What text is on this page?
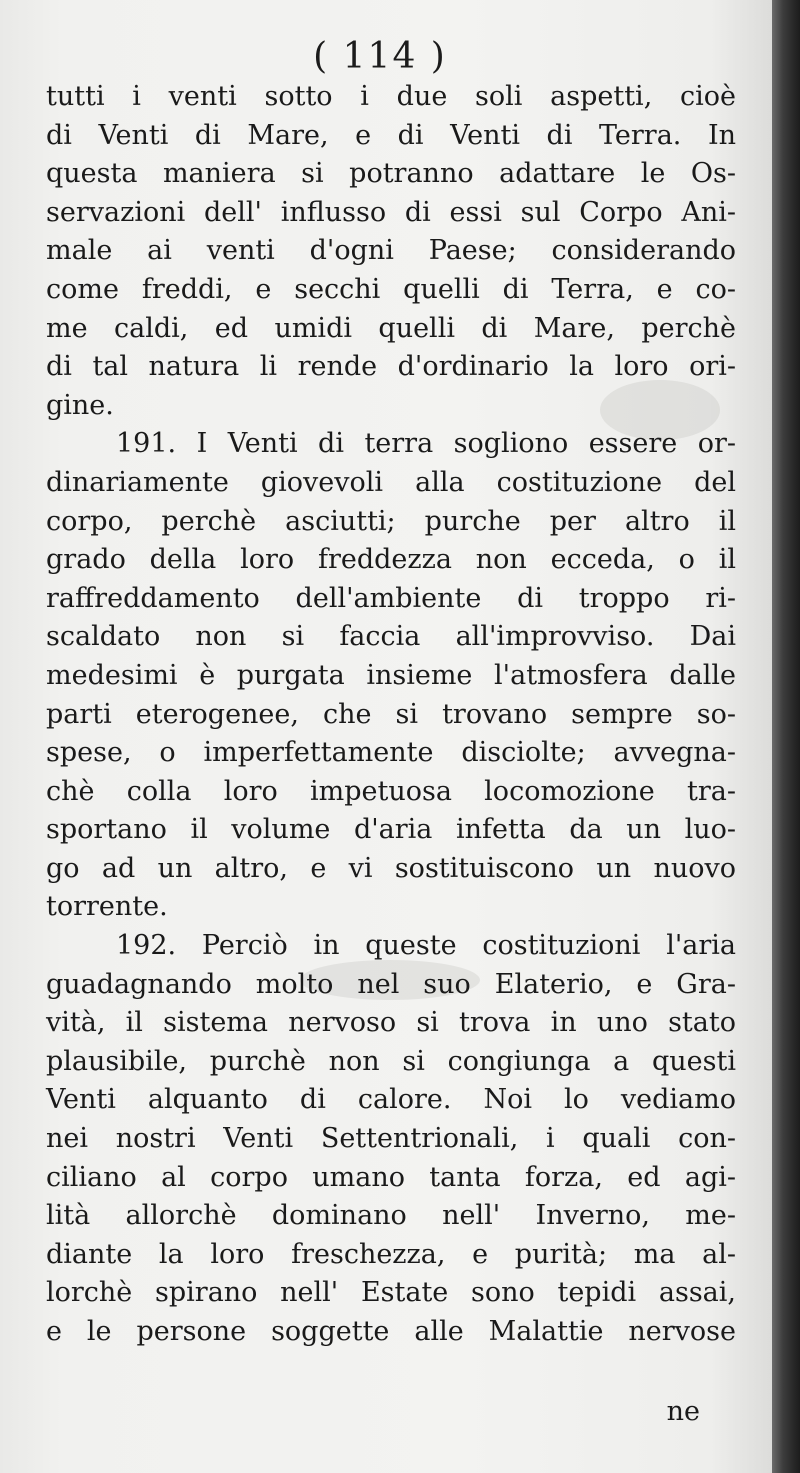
( 114 )
tutti i venti sotto i due soli aspetti, cioè
di Venti di Mare, e di Venti di Terra. In
questa maniera si potranno adattare le Os-
servazioni dell' influsso di essi sul Corpo Ani-
male ai venti d'ogni Paese; considerando
come freddi, e secchi quelli di Terra, e co-
me caldi, ed umidi quelli di Mare, perchè
di tal natura li rende d'ordinario la loro ori-
gine.
191. I Venti di terra sogliono essere or-
dinariamente giovevoli alla costituzione del
corpo, perchè asciutti; purche per altro il
grado della loro freddezza non ecceda, o il
raffreddamento dell'ambiente di troppo ri-
scaldato non si faccia all'improvviso. Dai
medesimi è purgata insieme l'atmosfera dalle
parti eterogenee, che si trovano sempre so-
spese, o imperfettamente disciolte; avvegna-
chè colla loro impetuosa locomozione tra-
sportano il volume d'aria infetta da un luo-
go ad un altro, e vi sostituiscono un nuovo
torrente.
192. Perciò in queste costituzioni l'aria
guadagnando molto nel suo Elaterio, e Gra-
vità, il sistema nervoso si trova in uno stato
plausibile, purchè non si congiunga a questi
Venti alquanto di calore. Noi lo vediamo
nei nostri Venti Settentrionali, i quali con-
ciliano al corpo umano tanta forza, ed agi-
lità allorchè dominano nell' Inverno, me-
diante la loro freschezza, e purità; ma al-
lorchè spirano nell' Estate sono tepidi assai,
e le persone soggette alle Malattie nervose
ne
